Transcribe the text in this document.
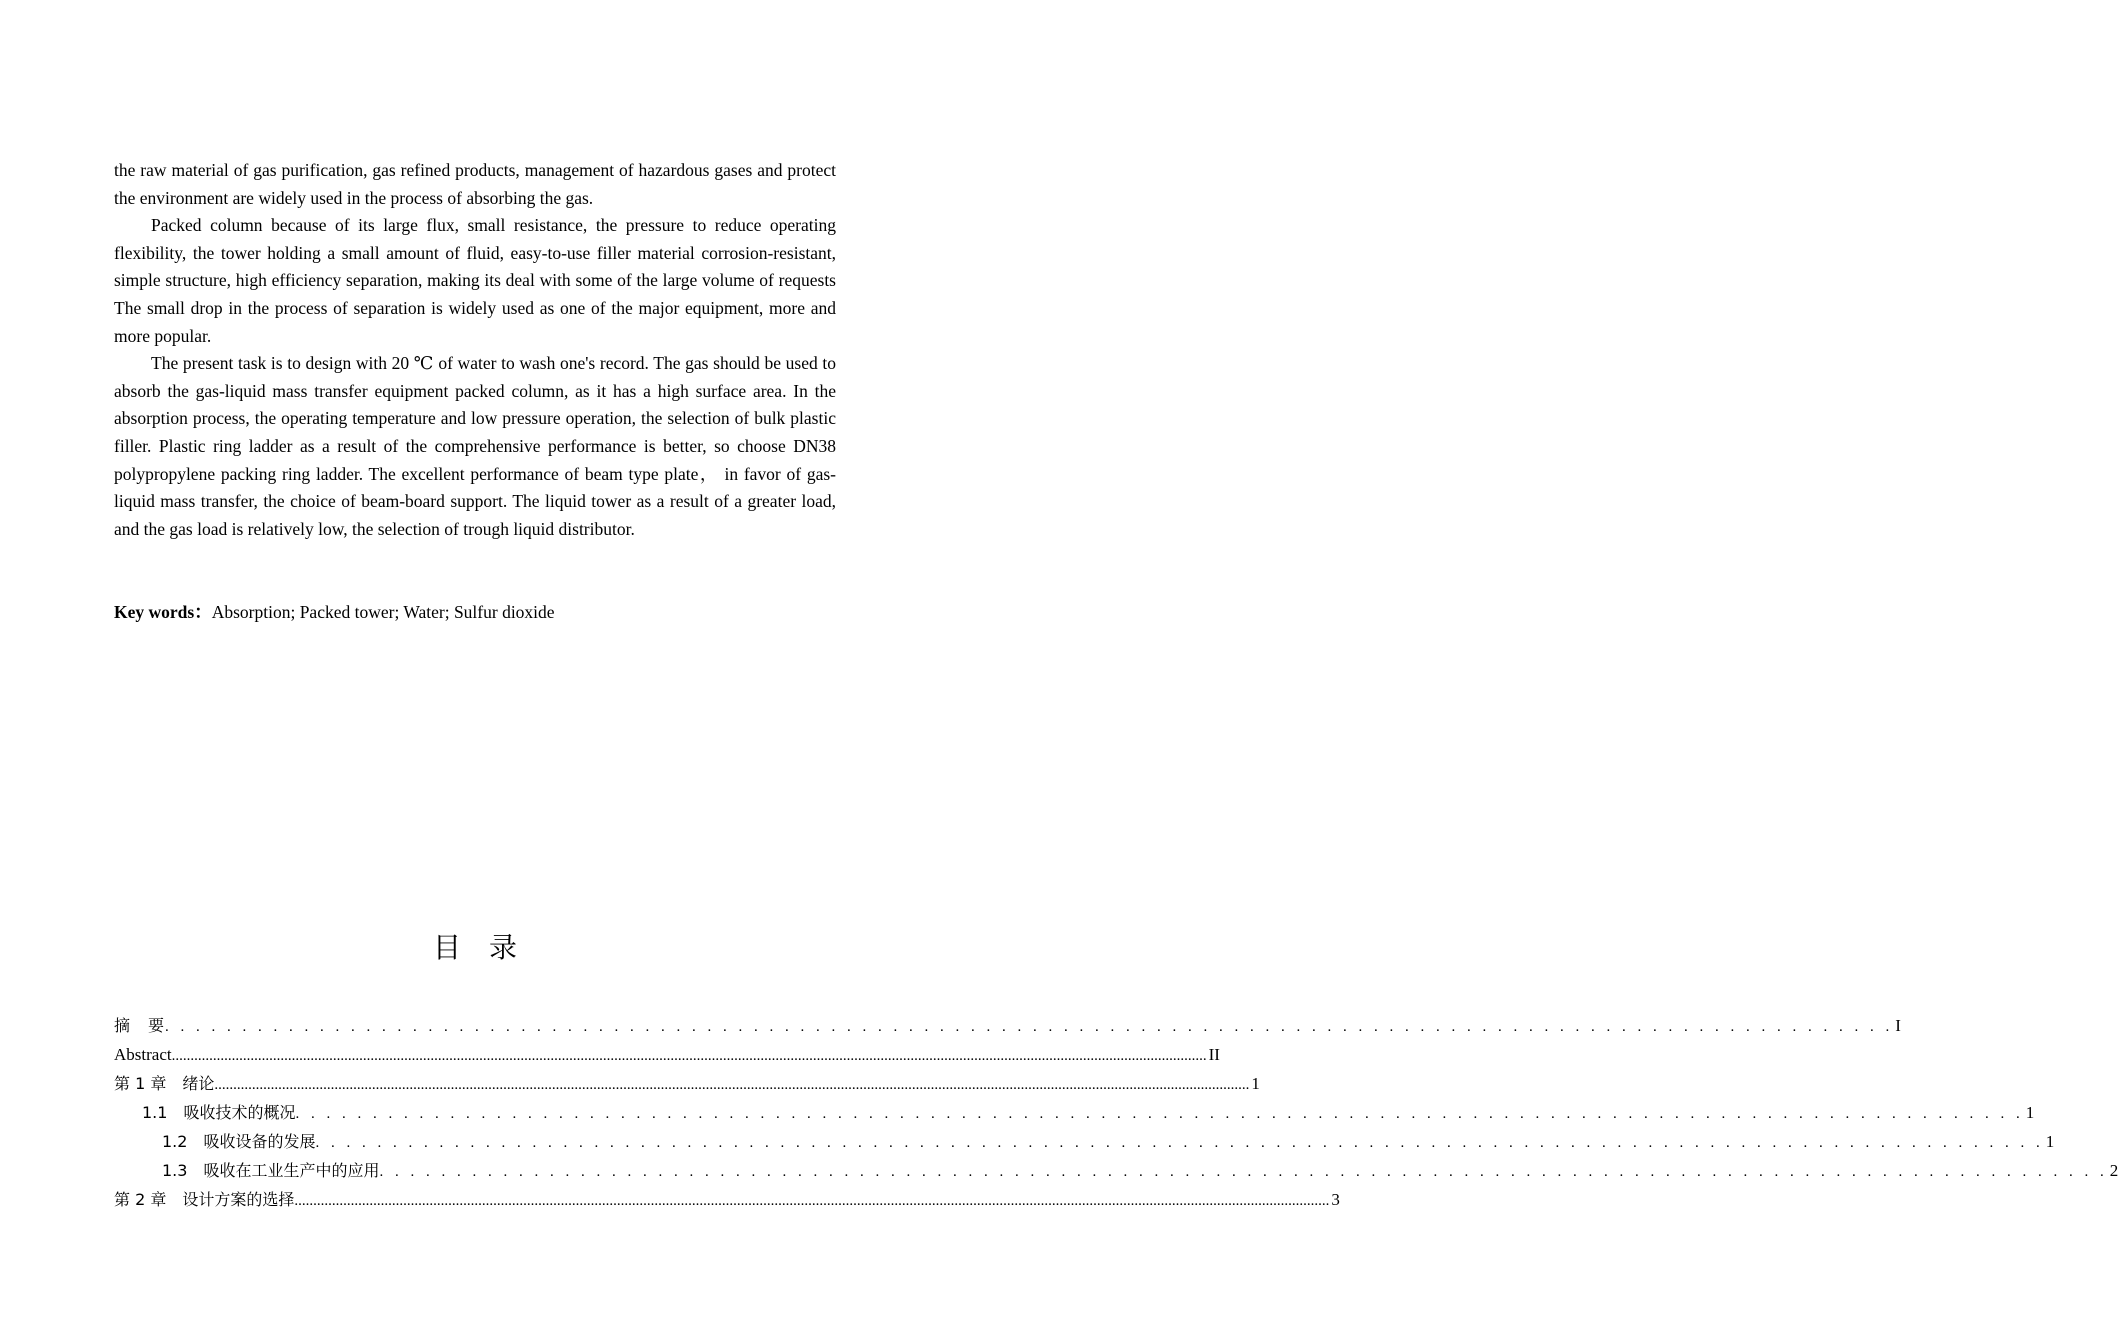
the raw material of gas purification, gas refined products, management of hazardous gases and protect the environment are widely used in the process of absorbing the gas.

Packed column because of its large flux, small resistance, the pressure to reduce operating flexibility, the tower holding a small amount of fluid, easy-to-use filler material corrosion-resistant, simple structure, high efficiency separation, making its deal with some of the large volume of requests The small drop in the process of separation is widely used as one of the major equipment, more and more popular.

The present task is to design with 20 ℃ of water to wash one's record. The gas should be used to absorb the gas-liquid mass transfer equipment packed column, as it has a high surface area. In the absorption process, the operating temperature and low pressure operation, the selection of bulk plastic filler. Plastic ring ladder as a result of the comprehensive performance is better, so choose DN38 polypropylene packing ring ladder. The excellent performance of beam type plate， in favor of gas-liquid mass transfer, the choice of beam-board support. The liquid tower as a result of a greater load, and the gas load is relatively low, the selection of trough liquid distributor.

Key words：Absorption; Packed tower; Water; Sulfur dioxide
目录
摘　要 . . . . . . . . . . . . . . . . . . . . . . . . . . . . . . . . . . . . . . . . . . . . . . . . . . . . . . . . . . . . . . . . . . . . . . . . . . . . . . . . . . . . . . . . . . . . . . . . . . . . . . . . . . . . . . . . I
Abstract .................................................................................................................................................................................................................................................................................... II
第 1 章　绪论 .................................................................................................................................................................................................................................................................................... 1
1.1　吸收技术的概况 . . . . . . . . . . . . . . . . . . . . . . . . . . . . . . . . . . . . . . . . . . . . . . . . . . . . . . . . . . . . . . . . . . . . . . . . . . . . . . . . . . . . . . . . . . . . . . . . . . . . . . . . . . . . . . . . 1
1.2　吸收设备的发展 . . . . . . . . . . . . . . . . . . . . . . . . . . . . . . . . . . . . . . . . . . . . . . . . . . . . . . . . . . . . . . . . . . . . . . . . . . . . . . . . . . . . . . . . . . . . . . . . . . . . . . . . . . . . . . . . 1
1.3　吸收在工业生产中的应用 . . . . . . . . . . . . . . . . . . . . . . . . . . . . . . . . . . . . . . . . . . . . . . . . . . . . . . . . . . . . . . . . . . . . . . . . . . . . . . . . . . . . . . . . . . . . . . . . . . . . . . . . . . . . . . . . 2
第 2 章　设计方案的选择 .................................................................................................................................................................................................................................................................................... 3
